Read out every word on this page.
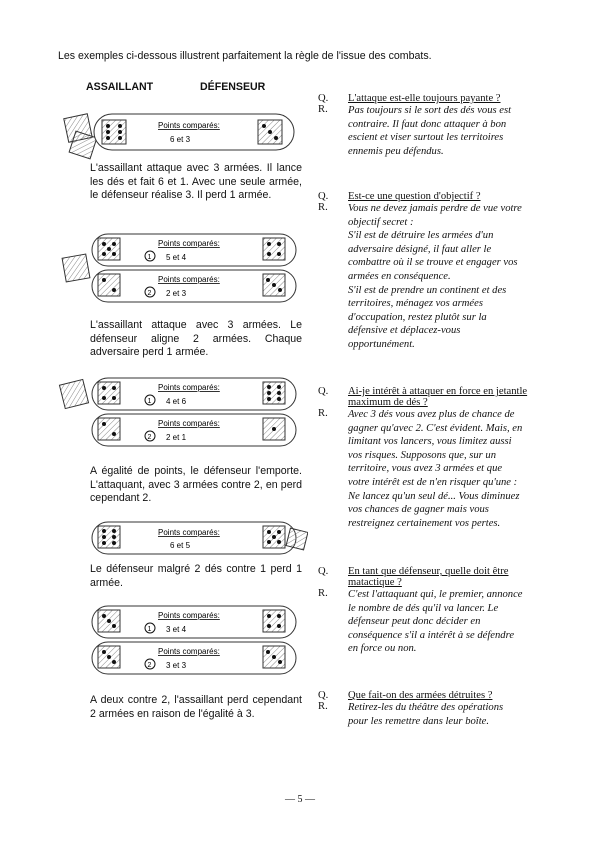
Les exemples ci-dessous illustrent parfaitement la règle de l'issue des combats.
ASSAILLANT	DÉFENSEUR
Points comparés:
6 et 3
L'assaillant attaque avec 3 armées. Il lance les dés et fait 6 et 1. Avec une seule armée, le défenseur réalise 3. Il perd 1 armée.
Points comparés:
1 5 et 4
Points comparés:
2 2 et 3
L'assaillant attaque avec 3 armées. Le défenseur aligne 2 armées. Chaque adversaire perd 1 armée.
Points comparés:
1 4 et 6
Points comparés:
2 2 et 1
A égalité de points, le défenseur l'emporte. L'attaquant, avec 3 armées contre 2, en perd cependant 2.
Points comparés:
6 et 5
Le défenseur malgré 2 dés contre 1 perd 1 armée.
Points comparés:
1 3 et 4
Points comparés:
2 3 et 3
A deux contre 2, l'assaillant perd cependant 2 armées en raison de l'égalité à 3.
Q.	L'attaque est-elle toujours payante ?
R.	Pas toujours si le sort des dés vous est
contraire. Il faut donc attaquer à bon
escient et viser surtout les territoires
ennemis peu défendus.
Q.	Est-ce une question d'objectif ?
R.	Vous ne devez jamais perdre de vue votre
objectif secret :
S'il est de détruire les armées d'un
adversaire désigné, il faut aller le
combattre où il se trouve et engager vos
armées en conséquence.
S'il est de prendre un continent et des
territoires, ménagez vos armées
d'occupation, restez plutôt sur la
défensive et déplacez-vous
opportunément.
Q.	Ai-je intérêt à attaquer en force en jetantle maximum de dés ?
R.	Avec 3 dés vous avez plus de chance de
gagner qu'avec 2. C'est évident. Mais, en
limitant vos lancers, vous limitez aussi
vos risques. Supposons que, sur un
territoire, vous avez 3 armées et que
votre intérêt est de n'en risquer qu'une :
Ne lancez qu'un seul dé... Vous diminuez
vos chances de gagner mais vous
restreignez certainement vos pertes.
Q.	En tant que défenseur, quelle doit être matactique ?
R.	C'est l'attaquant qui, le premier, annonce
le nombre de dés qu'il va lancer. Le
défenseur peut donc décider en
conséquence s'il a intérêt à se défendre
en force ou non.
Q.	Que fait-on des armées détruites ?
R.	Retirez-les du théâtre des opérations
pour les remettre dans leur boîte.
— 5 —
